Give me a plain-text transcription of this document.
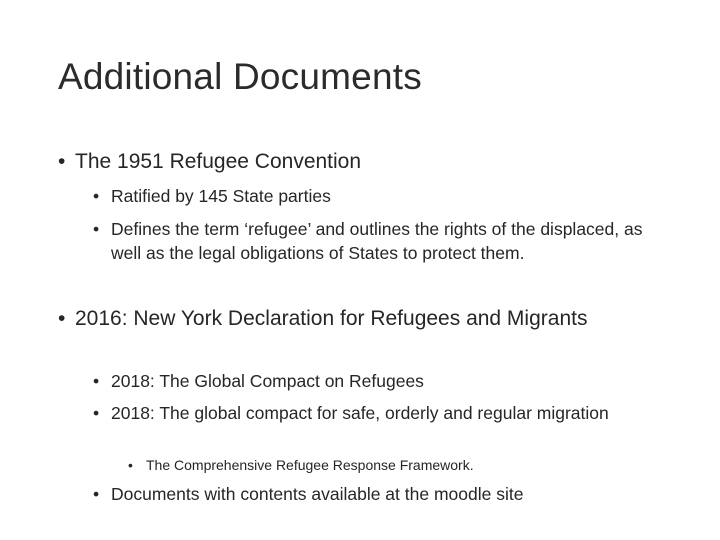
Additional Documents
• The 1951 Refugee Convention
• Ratified by 145 State parties
• Defines the term ‘refugee’ and outlines the rights of the displaced, as well as the legal obligations of States to protect them.
• 2016: New York Declaration for Refugees and Migrants
• 2018: The Global Compact on Refugees
• 2018: The global compact for safe, orderly and regular migration
• The Comprehensive Refugee Response Framework.
• Documents with contents available at the moodle site
